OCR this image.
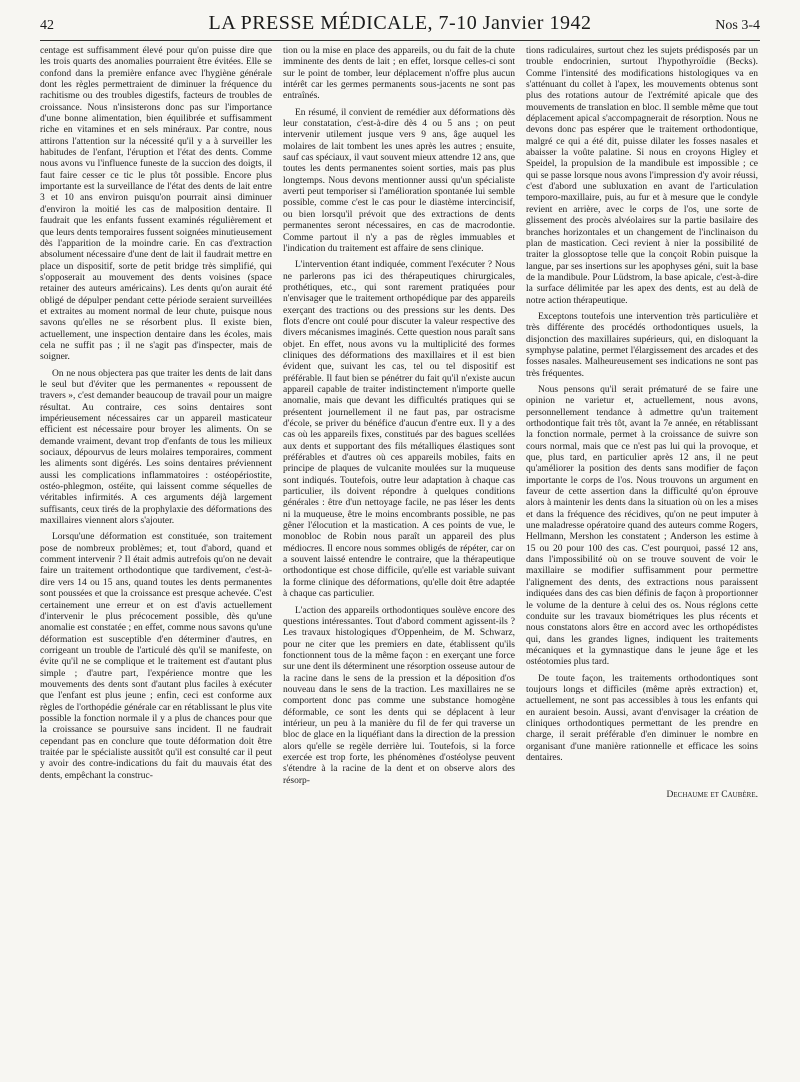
42	LA PRESSE MÉDICALE, 7-10 Janvier 1942	Nos 3-4

centage est suffisamment élevé pour qu'on puisse dire que les trois quarts des anomalies pourraient être évitées. Elle se confond dans la première enfance avec l'hygiène générale dont les règles permettraient de diminuer la fréquence du rachitisme ou des troubles digestifs, facteurs de troubles de croissance. Nous n'insisterons donc pas sur l'importance d'une bonne alimentation, bien équilibrée et suffisamment riche en vitamines et en sels minéraux. Par contre, nous attirons l'attention sur la nécessité qu'il y a à surveiller les habitudes de l'enfant, l'éruption et l'état des dents. Comme nous avons vu l'influence funeste de la succion des doigts, il faut faire cesser ce tic le plus tôt possible. Encore plus importante est la surveillance de l'état des dents de lait entre 3 et 10 ans environ puisqu'on pourrait ainsi diminuer d'environ la moitié les cas de malposition dentaire. Il faudrait que les enfants fussent examinés régulièrement et que leurs dents temporaires fussent soignées minutieusement dès l'apparition de la moindre carie. En cas d'extraction absolument nécessaire d'une dent de lait il faudrait mettre en place un dispositif, sorte de petit bridge très simplifié, qui s'opposerait au mouvement des dents voisines (space retainer des auteurs américains). Les dents qu'on aurait été obligé de dépulper pendant cette période seraient surveillées et extraites au moment normal de leur chute, puisque nous savons qu'elles ne se résorbent plus. Il existe bien, actuellement, une inspection dentaire dans les écoles, mais cela ne suffit pas ; il ne s'agit pas d'inspecter, mais de soigner.

On ne nous objectera pas que traiter les dents de lait dans le seul but d'éviter que les permanentes « repoussent de travers », c'est demander beaucoup de travail pour un maigre résultat. Au contraire, ces soins dentaires sont impérieusement nécessaires car un appareil masticateur efficient est nécessaire pour broyer les aliments. On se demande vraiment, devant trop d'enfants de tous les milieux sociaux, dépourvus de leurs molaires temporaires, comment les aliments sont digérés. Les soins dentaires préviennent aussi les complications inflammatoires : ostéopériostite, ostéo-phlegmon, ostéite, qui laissent comme séquelles de véritables infirmités. A ces arguments déjà largement suffisants, ceux tirés de la prophylaxie des déformations des maxillaires viennent alors s'ajouter.

Lorsqu'une déformation est constituée, son traitement pose de nombreux problèmes; et, tout d'abord, quand et comment intervenir ? Il était admis autrefois qu'on ne devait faire un traitement orthodontique que tardivement, c'est-à-dire vers 14 ou 15 ans, quand toutes les dents permanentes sont poussées et que la croissance est presque achevée. C'est certainement une erreur et on est d'avis actuellement d'intervenir le plus précocement possible, dès qu'une anomalie est constatée ; en effet, comme nous savons qu'une déformation est susceptible d'en déterminer d'autres, en corrigeant un trouble de l'articulé dès qu'il se manifeste, on évite qu'il ne se complique et le traitement est d'autant plus simple ; d'autre part, l'expérience montre que les mouvements des dents sont d'autant plus faciles à exécuter que l'enfant est plus jeune ; enfin, ceci est conforme aux règles de l'orthopédie générale car en rétablissant le plus vite possible la fonction normale il y a plus de chances pour que la croissance se poursuive sans incident. Il ne faudrait cependant pas en conclure que toute déformation doit être traitée par le spécialiste aussitôt qu'il est consulté car il peut y avoir des contre-indications du fait du mauvais état des dents, empêchant la construc-

tion ou la mise en place des appareils, ou du fait de la chute imminente des dents de lait ; en effet, lorsque celles-ci sont sur le point de tomber, leur déplacement n'offre plus aucun intérêt car les germes permanents sous-jacents ne sont pas entraînés.

En résumé, il convient de remédier aux déformations dès leur constatation, c'est-à-dire dès 4 ou 5 ans ; on peut intervenir utilement jusque vers 9 ans, âge auquel les molaires de lait tombent les unes après les autres ; ensuite, sauf cas spéciaux, il vaut souvent mieux attendre 12 ans, que toutes les dents permanentes soient sorties, mais pas plus longtemps. Nous devons mentionner aussi qu'un spécialiste averti peut temporiser si l'amélioration spontanée lui semble possible, comme c'est le cas pour le diastème intercincisif, ou bien lorsqu'il prévoit que des extractions de dents permanentes seront nécessaires, en cas de macrodontie. Comme partout il n'y a pas de règles immuables et l'indication du traitement est affaire de sens clinique.

L'intervention étant indiquée, comment l'exécuter ? Nous ne parlerons pas ici des thérapeutiques chirurgicales, prothétiques, etc., qui sont rarement pratiquées pour n'envisager que le traitement orthopédique par des appareils exerçant des tractions ou des pressions sur les dents. Des flots d'encre ont coulé pour discuter la valeur respective des divers mécanismes imaginés. Cette question nous paraît sans objet. En effet, nous avons vu la multiplicité des formes cliniques des déformations des maxillaires et il est bien évident que, suivant les cas, tel ou tel dispositif est préférable. Il faut bien se pénétrer du fait qu'il n'existe aucun appareil capable de traiter indistinctement n'importe quelle anomalie, mais que devant les difficultés pratiques qui se présentent journellement il ne faut pas, par ostracisme d'école, se priver du bénéfice d'aucun d'entre eux. Il y a des cas où les appareils fixes, constitués par des bagues scellées aux dents et supportant des fils métalliques élastiques sont préférables et d'autres où ces appareils mobiles, faits en principe de plaques de vulcanite moulées sur la muqueuse sont indiqués. Toutefois, outre leur adaptation à chaque cas particulier, ils doivent répondre à quelques conditions générales : être d'un nettoyage facile, ne pas léser les dents ni la muqueuse, être le moins encombrants possible, ne pas gêner l'élocution et la mastication. A ces points de vue, le monobloc de Robin nous paraît un appareil des plus médiocres. Il encore nous sommes obligés de répéter, car on a souvent laissé entendre le contraire, que la thérapeutique orthodontique est chose difficile, qu'elle est variable suivant la forme clinique des déformations, qu'elle doit être adaptée à chaque cas particulier.

L'action des appareils orthodontiques soulève encore des questions intéressantes. Tout d'abord comment agissent-ils ? Les travaux histologiques d'Oppenheim, de M. Schwarz, pour ne citer que les premiers en date, établissent qu'ils fonctionnent tous de la même façon : en exerçant une force sur une dent ils déterminent une résorption osseuse autour de la racine dans le sens de la pression et la déposition d'os nouveau dans le sens de la traction. Les maxillaires ne se comportent donc pas comme une substance homogène déformable, ce sont les dents qui se déplacent à leur intérieur, un peu à la manière du fil de fer qui traverse un bloc de glace en la liquéfiant dans la direction de la pression alors qu'elle se regèle derrière lui. Toutefois, si la force exercée est trop forte, les phénomènes d'ostéolyse peuvent s'étendre à la racine de la dent et on observe alors des résorp-

tions radiculaires, surtout chez les sujets prédisposés par un trouble endocrinien, surtout l'hypothyroïdie (Becks). Comme l'intensité des modifications histologiques va en s'atténuant du collet à l'apex, les mouvements obtenus sont plus des rotations autour de l'extrémité apicale que des mouvements de translation en bloc. Il semble même que tout déplacement apical s'accompagnerait de résorption. Nous ne devons donc pas espérer que le traitement orthodontique, malgré ce qui a été dit, puisse dilater les fosses nasales et abaisser la voûte palatine. Si nous en croyons Higley et Speidel, la propulsion de la mandibule est impossible ; ce qui se passe lorsque nous avons l'impression d'y avoir réussi, c'est d'abord une subluxation en avant de l'articulation temporo-maxillaire, puis, au fur et à mesure que le condyle revient en arrière, avec le corps de l'os, une sorte de glissement des procès alvéolaires sur la partie basilaire des branches horizontales et un changement de l'inclinaison du plan de mastication. Ceci revient à nier la possibilité de traiter la glossoptose telle que la conçoit Robin puisque la langue, par ses insertions sur les apophyses géni, suit la base de la mandibule. Pour Lüdstrom, la base apicale, c'est-à-dire la surface délimitée par les apex des dents, est au delà de notre action thérapeutique.

Exceptons toutefois une intervention très particulière et très différente des procédés orthodontiques usuels, la disjonction des maxillaires supérieurs, qui, en disloquant la symphyse palatine, permet l'élargissement des arcades et des fosses nasales. Malheureusement ses indications ne sont pas très fréquentes.

Nous pensons qu'il serait prématuré de se faire une opinion ne varietur et, actuellement, nous avons, personnellement tendance à admettre qu'un traitement orthodontique fait très tôt, avant la 7e année, en rétablissant la fonction normale, permet à la croissance de suivre son cours normal, mais que ce n'est pas lui qui la provoque, et que, plus tard, en particulier après 12 ans, il ne peut qu'améliorer la position des dents sans modifier de façon importante le corps de l'os. Nous trouvons un argument en faveur de cette assertion dans la difficulté qu'on éprouve alors à maintenir les dents dans la situation où on les a mises et dans la fréquence des récidives, qu'on ne peut imputer à une maladresse opératoire quand des auteurs comme Rogers, Hellmann, Mershon les constatent ; Anderson les estime à 15 ou 20 pour 100 des cas. C'est pourquoi, passé 12 ans, dans l'impossibilité où on se trouve souvent de voir le maxillaire se modifier suffisamment pour permettre l'alignement des dents, des extractions nous paraissent indiquées dans des cas bien définis de façon à proportionner le volume de la denture à celui des os. Nous réglons cette conduite sur les travaux biométriques les plus récents et nous constatons alors être en accord avec les orthopédistes qui, dans les grandes lignes, indiquent les traitements mécaniques et la gymnastique dans le jeune âge et les ostéotomies plus tard.

De toute façon, les traitements orthodontiques sont toujours longs et difficiles (même après extraction) et, actuellement, ne sont pas accessibles à tous les enfants qui en auraient besoin. Aussi, avant d'envisager la création de cliniques orthodontiques permettant de les prendre en charge, il serait préférable d'en diminuer le nombre en organisant d'une manière rationnelle et efficace les soins dentaires.

Dechaume et Caubère.
